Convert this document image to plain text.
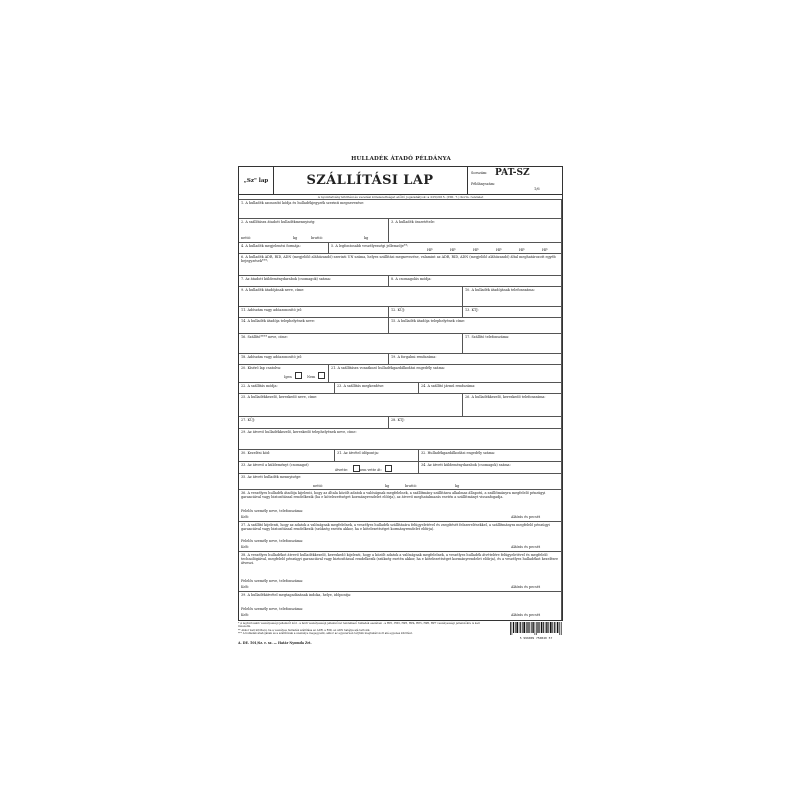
HULLADÉK ÁTADÓ PÉLDÁNYA
„Sz" lap	SZÁLLÍTÁSI LAP	Sorszám: PAT-SZ
Példányszám:
1/6
A nyomtatvány kitöltési és vezetési kötelezettséget előíró jogszabályok: a 225/2015. (VIII. 7.) Korm. rendelet
1. A hulladék azonosító kódja és hulladékjegyzék szerinti megnevezése:
2. A szállításra átadott hulladékmennyiség:
nettó:	kg	bruttó:	kg
3. A hulladék összetétele:
4. A hulladék megjelenési formája:	5. A legfontosabb veszélyességi jellemzője**:
HP	HP	HP	HP	HP	HP
6. A hulladék ADR, RID, ADN (megjelölő aláhúzandó) szerinti UN száma, helyes szállítási megnevezése, valamint az ADR, RID, ADN (megjelölő aláhúzandó) által meghatározott egyéb bejegyzések***:
7. Az átadott küldeménydarabok (csomagok) száma:	8. A csomagolás módja:
9. A hulladék átadójának neve, címe:	10. A hulladék átadójának telefonszáma:
11. Adószám vagy adóazonosító jel:	12. KÜJ:	13. KTJ:
14. A hulladék átadója telephelyének neve:	15. A hulladék átadója telephelyének címe:
16. Szállító**** neve, címe:	17. Szállító telefonszáma:
18. Adószám vagy adóazonosító jel:	19. A forgalmi rendszáma:
20. Kísérő lap csatolva:
Igen	Nem
21. A szállításra vonatkozó hulladékgazdálkodási engedély száma:
22. A szállítás módja:	23. A szállítás megkezdése:	24. A szállító jármű rendszáma:
25. A hulladékkezelő, kereskedő neve, címe:	26. A hulladékkezelő, kereskedő telefonszáma:
27. KÜJ:	28. KTJ:
29. Az átvevő hulladékkezelő, kereskedő telephelyének neve, címe:
30. Kezelési kód:	31. Az átvétel időpontja:	32. Hulladékgazdálkodási engedély száma:
33. Az átvevő a küldeményt (csomagot)
átvette:	nem vette át:
34. Az átvett küldeménydarabok (csomagok) száma:
35. Az átvett hulladék mennyisége:
nettó:	kg	bruttó:	kg
36. A veszélyes hulladék átadója kijelenti, hogy az általa közölt adatok a valóságnak megfelelnek, a szállítmány szállításra alkalmas állapotú, a szállítmányra megfelelő pénzügyi garanciával vagy biztosítással rendelkezik (ha e kötelezettséget kormányrendelet előírja), az átvevő meghatalmazás esetén a szállítmányt visszafogadja.
Felelős személy neve, telefonszáma:
Kelt:	Aláírás és pecsét
37. A szállító kijelenti, hogy az adatok a valóságnak megfelelnek, a veszélyes hulladék szállítására felügyeletével és zsegítését felszerelésekkel, a szállítmányra megfelelő pénzügyi garanciával vagy biztosítással rendelkezik (szükség esetén akkor, ha e kötelezettséget kormányrendelet előírja).
Felelős személy neve, telefonszáma:
Kelt:	Aláírás és pecsét
38. A veszélyes hulladékot átvevő hulladékkezelő, kereskedő kijelenti, hogy a közölt adatok a valóságnak megfelelnek, a veszélyes hulladék átvételére felügyeletével és megfelelő technológiával, megfelelő pénzügyi garanciával vagy biztosítással rendelkezik (szükség esetén akkor, ha e kötelezettséget kormányrendelet előírja), és a veszélyes hulladékot kezelésre átveszi.
Felelős személy neve, telefonszáma:
Kelt:	Aláírás és pecsét
39. A hulladékátvétel megtagadásának indoka, helye, időpontja:
Felelős személy neve, telefonszáma:
Kelt:	Aláírás és pecsét
* A legfontosabb veszélyességi jellemzőt kód - a fenti veszélyességi jellemzővel rendelkező hulladék esetében - a HP1, HP2, HP3, HP4, HP5, HP6, HP7 veszélyességi jellemzőkre is kell rávezetni.
** Akkor kell kitölteni, ha a veszélyes hulladék szállítása az ADR, a RID, az ADN hatálya alá tartozik.
*** A hulladék átadójának és a szállítónak a személye megegyezik, akkor az egyszerűen térjünk meghatározott alá egyenes kitöltést.
5 996009 750840 57
A. DE. 501/Sz. r. sz. — Határ Nyomda Zrt.
